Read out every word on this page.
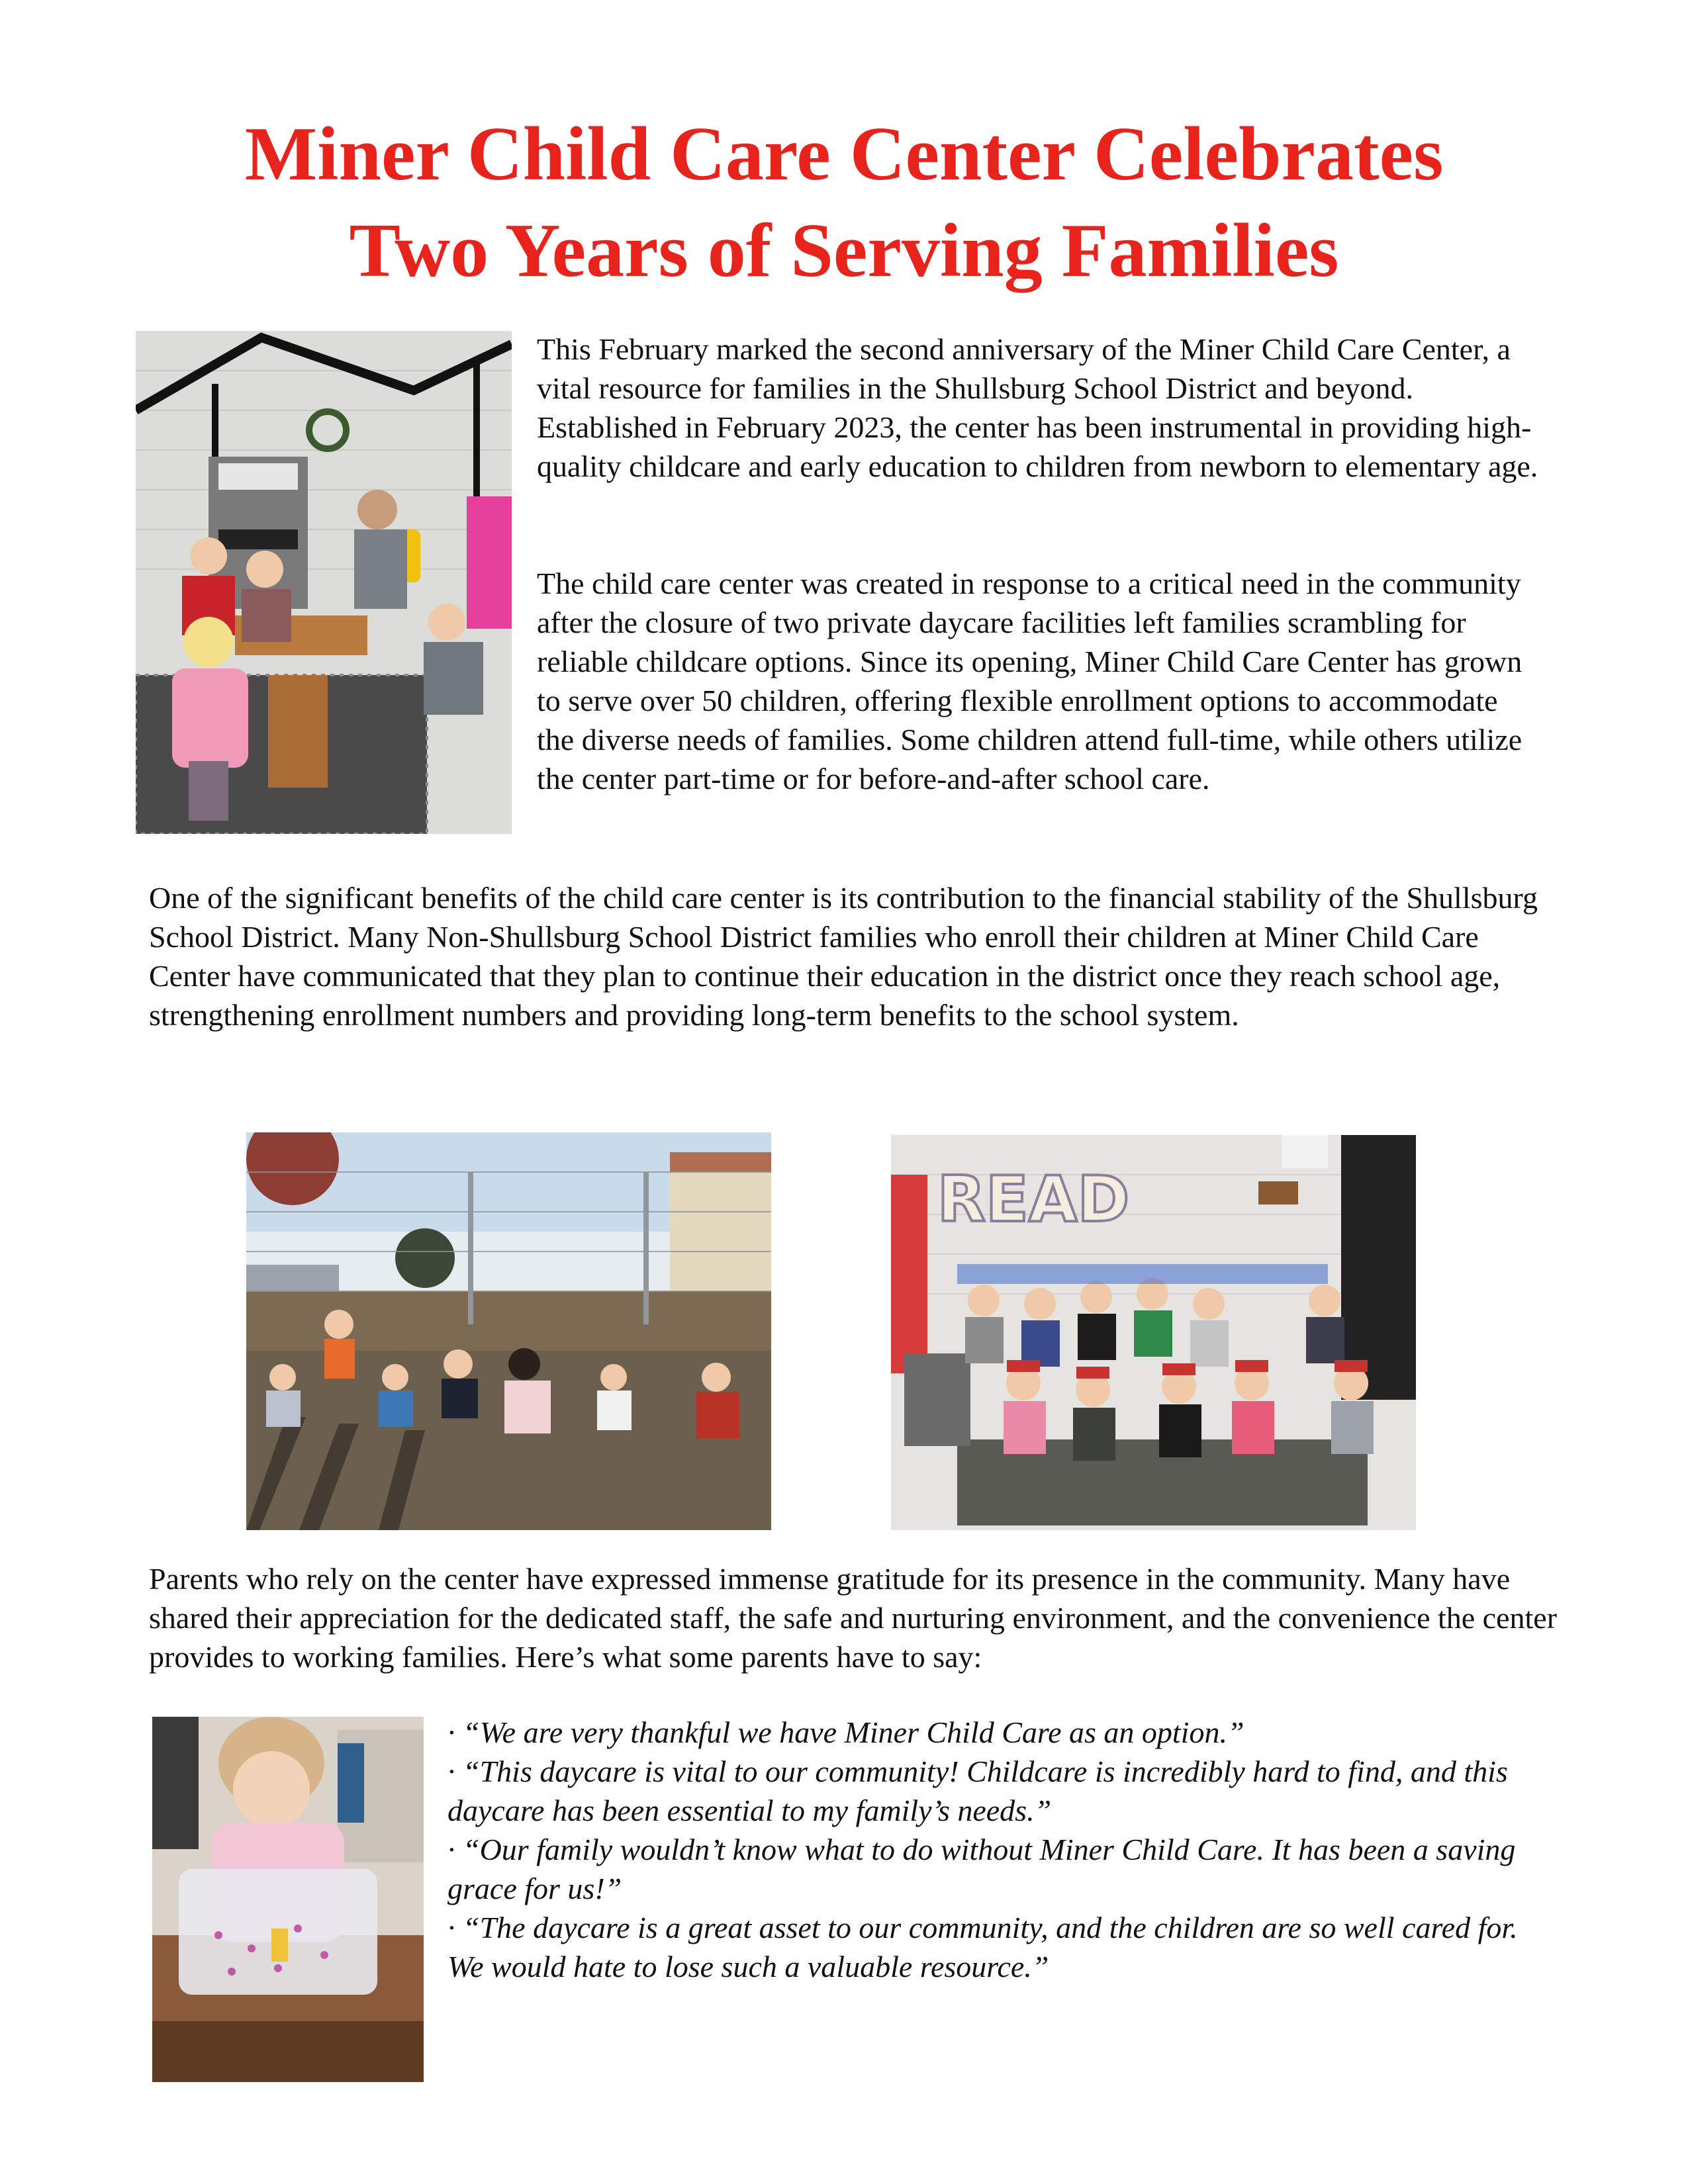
Miner Child Care Center Celebrates
Two Years of Serving Families

This February marked the second anniversary of the Miner Child Care Center, a vital resource for families in the Shullsburg School District and beyond. Established in February 2023, the center has been instrumental in providing high-quality childcare and early education to children from newborn to elementary age.

The child care center was created in response to a critical need in the community after the closure of two private daycare facilities left families scrambling for reliable childcare options. Since its opening, Miner Child Care Center has grown to serve over 50 children, offering flexible enrollment options to accommodate the diverse needs of families. Some children attend full-time, while others utilize the center part-time or for before-and-after school care.

One of the significant benefits of the child care center is its contribution to the financial stability of the Shullsburg School District. Many Non-Shullsburg School District families who enroll their children at Miner Child Care Center have communicated that they plan to continue their education in the district once they reach school age, strengthening enrollment numbers and providing long-term benefits to the school system.

READ

Parents who rely on the center have expressed immense gratitude for its presence in the community. Many have shared their appreciation for the dedicated staff, the safe and nurturing environment, and the convenience the center provides to working families. Here’s what some parents have to say:

· “We are very thankful we have Miner Child Care as an option.”

· “This daycare is vital to our community! Childcare is incredibly hard to find, and this daycare has been essential to my family’s needs.”

· “Our family wouldn’t know what to do without Miner Child Care. It has been a saving grace for us!”

· “The daycare is a great asset to our community, and the children are so well cared for. We would hate to lose such a valuable resource.”
